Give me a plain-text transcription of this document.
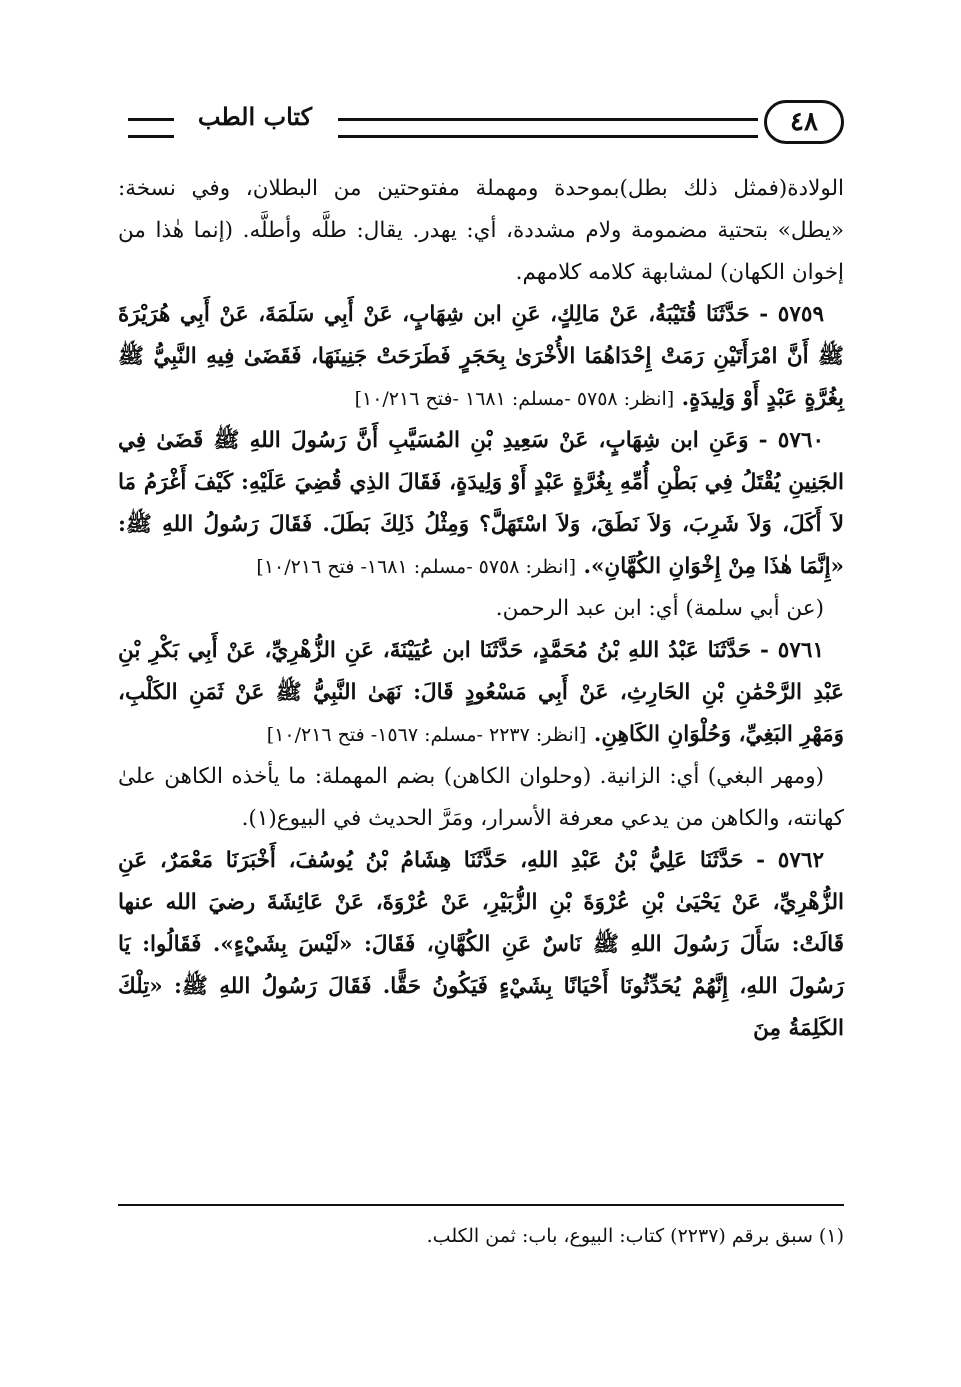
كتاب الطب	٤٨

الولادة(فمثل ذلك بطل)بموحدة ومهملة مفتوحتين من البطلان، وفي نسخة: «يطل» بتحتية مضمومة ولام مشددة، أي: يهدر. يقال: طلَّه وأطلَّه. (إنما هٰذا من إخوان الكهان) لمشابهة كلامه كلامهم.

٥٧٥٩ - حَدَّثَنَا قُتَيْبَةُ، عَنْ مَالِكٍ، عَنِ ابن شِهَابٍ، عَنْ أَبِي سَلَمَةَ، عَنْ أَبِي هُرَيْرَةَ ﷺ أَنَّ امْرَأَتَيْنِ رَمَتْ إِحْدَاهُمَا الأُخْرَىٰ بِحَجَرٍ فَطَرَحَتْ جَنِينَهَا، فَقَضَىٰ فِيهِ النَّبِيُّ ﷺ بِغُرَّةٍ عَبْدٍ أَوْ وَلِيدَةٍ. [انظر: ٥٧٥٨ -مسلم: ١٦٨١ -فتح ١٠/٢١٦]

٥٧٦٠ - وَعَنِ ابن شِهَابٍ، عَنْ سَعِيدِ بْنِ المُسَيَّبِ أَنَّ رَسُولَ اللهِ ﷺ قَضَىٰ فِي الجَنِينِ يُقْتَلُ فِي بَطْنِ أُمِّهِ بِغُرَّةٍ عَبْدٍ أَوْ وَلِيدَةٍ، فَقَالَ الذِي قُضِيَ عَلَيْهِ: كَيْفَ أَغْرَمُ مَا لاَ أَكَلَ، وَلاَ شَرِبَ، وَلاَ نَطَقَ، وَلاَ اسْتَهَلَّ؟ وَمِثْلُ ذَلِكَ بَطَلَ. فَقَالَ رَسُولُ اللهِ ﷺ: «إِنَّمَا هٰذَا مِنْ إِخْوَانِ الكُهَّانِ». [انظر: ٥٧٥٨ -مسلم: ١٦٨١- فتح ١٠/٢١٦]

(عن أبي سلمة) أي: ابن عبد الرحمن.

٥٧٦١ - حَدَّثَنَا عَبْدُ اللهِ بْنُ مُحَمَّدٍ، حَدَّثَنَا ابن عُيَيْنَةَ، عَنِ الزُّهْرِيِّ، عَنْ أَبِي بَكْرِ بْنِ عَبْدِ الرَّحْمَٰنِ بْنِ الحَارِثِ، عَنْ أَبِي مَسْعُودٍ قَالَ: نَهَىٰ النَّبِيُّ ﷺ عَنْ ثَمَنِ الكَلْبِ، وَمَهْرِ البَغِيِّ، وَحُلْوَانِ الكَاهِنِ. [انظر: ٢٢٣٧ -مسلم: ١٥٦٧- فتح ١٠/٢١٦]

(ومهر البغي) أي: الزانية. (وحلوان الكاهن) بضم المهملة: ما يأخذه الكاهن علىٰ كهانته، والكاهن من يدعي معرفة الأسرار، ومَرَّ الحديث في البيوع(١).

٥٧٦٢ - حَدَّثَنَا عَلِيُّ بْنُ عَبْدِ اللهِ، حَدَّثَنَا هِشَامُ بْنُ يُوسُفَ، أَخْبَرَنَا مَعْمَرٌ، عَنِ الزُّهْرِيِّ، عَنْ يَحْيَىٰ بْنِ عُرْوَةَ بْنِ الزُّبَيْرِ، عَنْ عُرْوَةَ، عَنْ عَائِشَةَ رضيَ الله عنها قَالَتْ: سَأَلَ رَسُولَ اللهِ ﷺ نَاسٌ عَنِ الكُهَّانِ، فَقَالَ: «لَيْسَ بِشَيْءٍ». فَقَالُوا: يَا رَسُولَ اللهِ، إِنَّهُمْ يُحَدِّثُونَا أَحْيَانًا بِشَيْءٍ فَيَكُونُ حَقًّا. فَقَالَ رَسُولُ اللهِ ﷺ: «تِلْكَ الكَلِمَةُ مِنَ

(١) سبق برقم (٢٢٣٧) كتاب: البيوع، باب: ثمن الكلب.
